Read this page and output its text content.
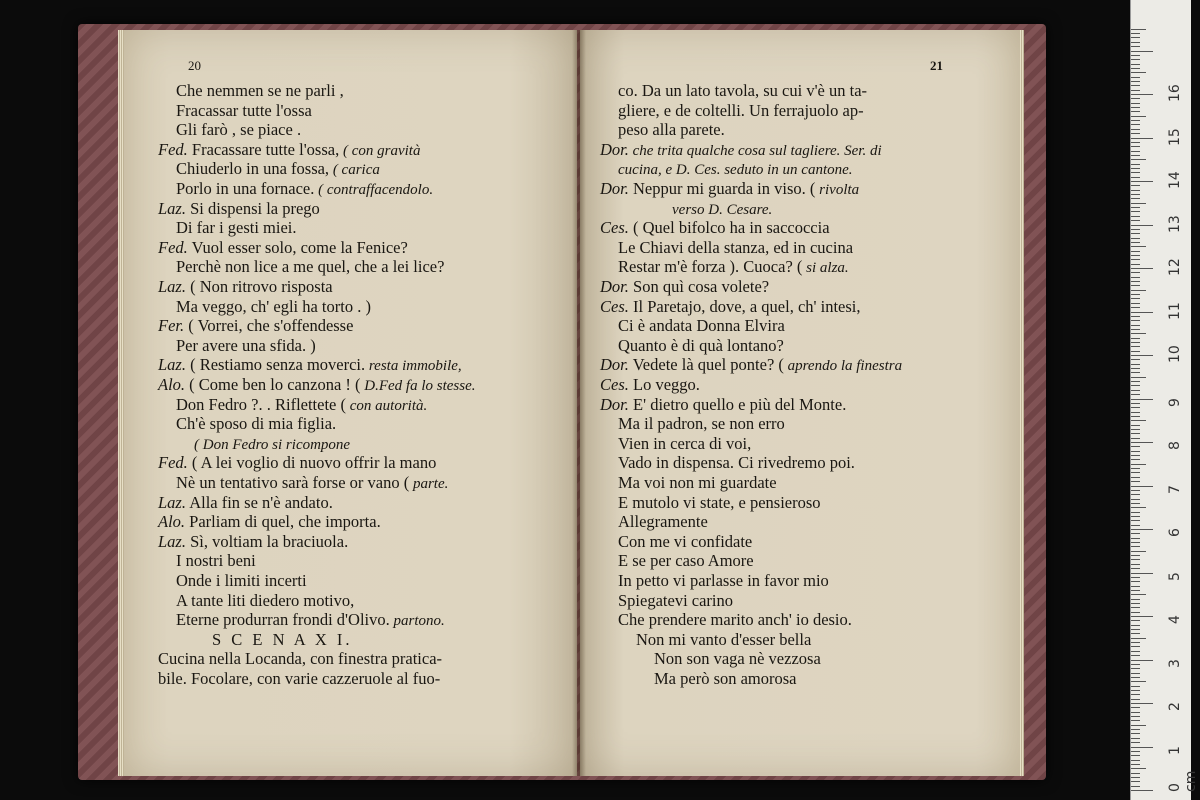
20
Che nemmen se ne parli ,
Fracassar tutte l'ossa
Gli farò , se piace .
Fed. Fracassare tutte l'ossa, ( con gravità
Chiuderlo in una fossa, ( carica
Porlo in una fornace. ( contraffacendolo.
Laz. Si dispensi la prego
Di far i gesti miei.
Fed. Vuol esser solo, come la Fenice?
Perchè non lice a me quel, che a lei lice?
Laz. ( Non ritrovo risposta
Ma veggo, ch' egli ha torto . )
Fer. ( Vorrei, che s'offendesse
Per avere una sfida. )
Laz. ( Restiamo senza moverci. resta immobile,
Alo. ( Come ben lo canzona ! ( D.Fed fa lo stesse.
Don Fedro ?. . Riflettete ( con autorità.
Ch'è sposo di mia figlia.
( Don Fedro si ricompone
Fed. ( A lei voglio di nuovo offrir la mano
Nè un tentativo sarà forse or vano ( parte.
Laz. Alla fin se n'è andato.
Alo. Parliam di quel, che importa.
Laz. Sì, voltiam la braciuola.
I nostri beni
Onde i limiti incerti
A tante liti diedero motivo,
Eterne produrran frondi d'Olivo. partono.
S C E N A X I.
Cucina nella Locanda, con finestra pratica-
bile. Focolare, con varie cazzeruole al fuo-
21
co. Da un lato tavola, su cui v'è un ta-
gliere, e de coltelli. Un ferrajuolo ap-
peso alla parete.
Dor. che trita qualche cosa sul tagliere. Ser. di
cucina, e D. Ces. seduto in un cantone.
Dor. Neppur mi guarda in viso. ( rivolta
verso D. Cesare.
Ces. ( Quel bifolco ha in saccoccia
Le Chiavi della stanza, ed in cucina
Restar m'è forza ). Cuoca? ( si alza.
Dor. Son quì cosa volete?
Ces. Il Paretajo, dove, a quel, ch' intesi,
Ci è andata Donna Elvira
Quanto è di quà lontano?
Dor. Vedete là quel ponte? ( aprendo la finestra
Ces. Lo veggo.
Dor. E' dietro quello e più del Monte.
Ma il padron, se non erro
Vien in cerca di voi,
Vado in dispensa. Ci rivedremo poi.
Ma voi non mi guardate
E mutolo vi state, e pensieroso
Allegramente
Con me vi confidate
E se per caso Amore
In petto vi parlasse in favor mio
Spiegatevi carino
Che prendere marito anch' io desio.
Non mi vanto d'esser bella
Non son vaga nè vezzosa
Ma però son amorosa
0 cm
1
2
3
4
5
6
7
8
9
10
11
12
13
14
15
16
